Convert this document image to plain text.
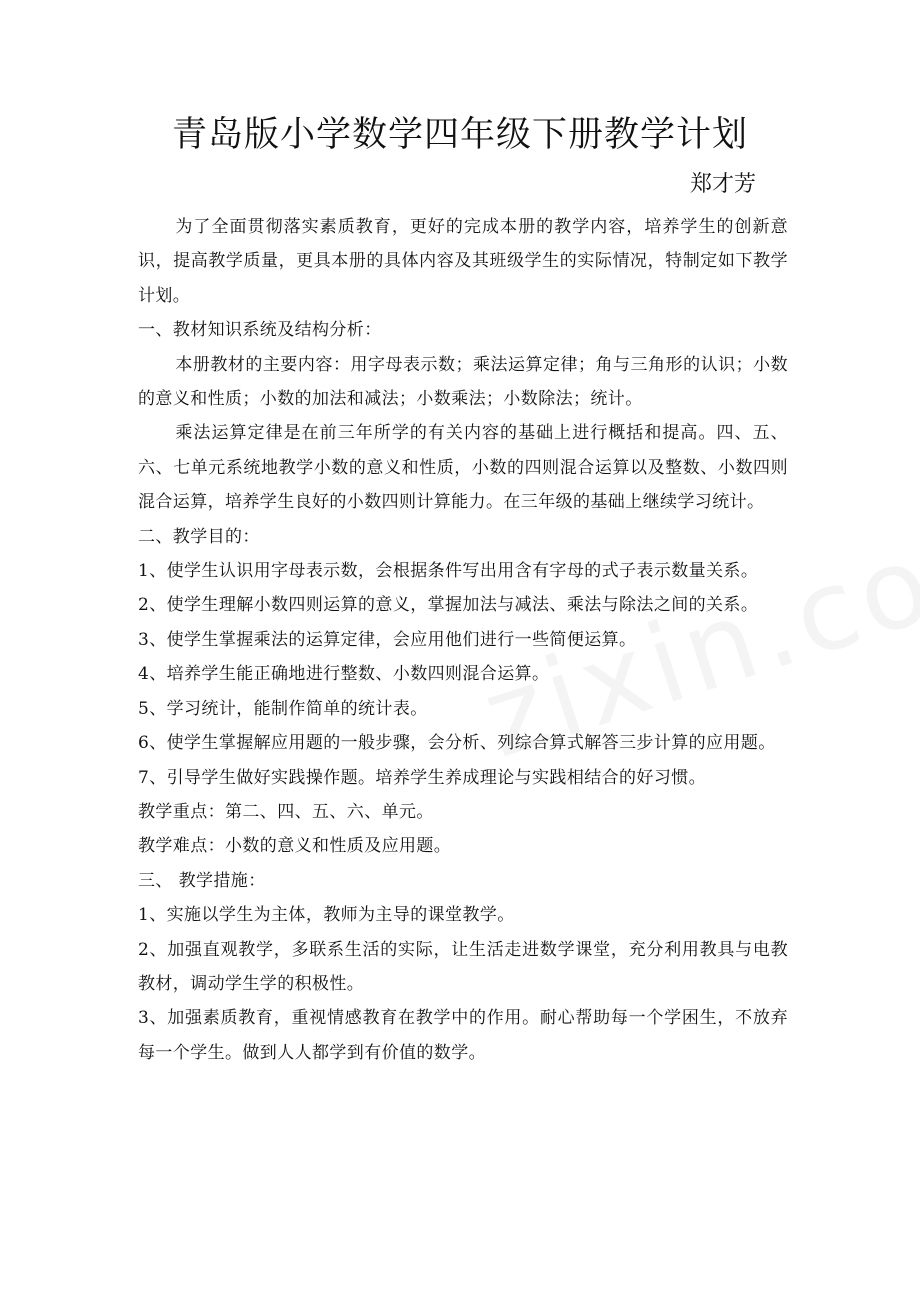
青岛版小学数学四年级下册教学计划
郑才芳

为了全面贯彻落实素质教育，更好的完成本册的教学内容，培养学生的创新意识，提高教学质量，更具本册的具体内容及其班级学生的实际情况，特制定如下教学计划。

一、教材知识系统及结构分析：

本册教材的主要内容：用字母表示数；乘法运算定律；角与三角形的认识；小数的意义和性质；小数的加法和减法；小数乘法；小数除法；统计。

乘法运算定律是在前三年所学的有关内容的基础上进行概括和提高。四、五、六、七单元系统地教学小数的意义和性质，小数的四则混合运算以及整数、小数四则混合运算，培养学生良好的小数四则计算能力。在三年级的基础上继续学习统计。

二、教学目的：

1、使学生认识用字母表示数，会根据条件写出用含有字母的式子表示数量关系。

2、使学生理解小数四则运算的意义，掌握加法与减法、乘法与除法之间的关系。

3、使学生掌握乘法的运算定律，会应用他们进行一些简便运算。

4、培养学生能正确地进行整数、小数四则混合运算。

5、学习统计，能制作简单的统计表。

6、使学生掌握解应用题的一般步骤，会分析、列综合算式解答三步计算的应用题。

7、引导学生做好实践操作题。培养学生养成理论与实践相结合的好习惯。

教学重点：第二、四、五、六、单元。

教学难点：小数的意义和性质及应用题。

三、 教学措施：

1、实施以学生为主体，教师为主导的课堂教学。

2、加强直观教学，多联系生活的实际，让生活走进数学课堂，充分利用教具与电教教材，调动学生学的积极性。

3、加强素质教育，重视情感教育在教学中的作用。耐心帮助每一个学困生，不放弃每一个学生。做到人人都学到有价值的数学。
